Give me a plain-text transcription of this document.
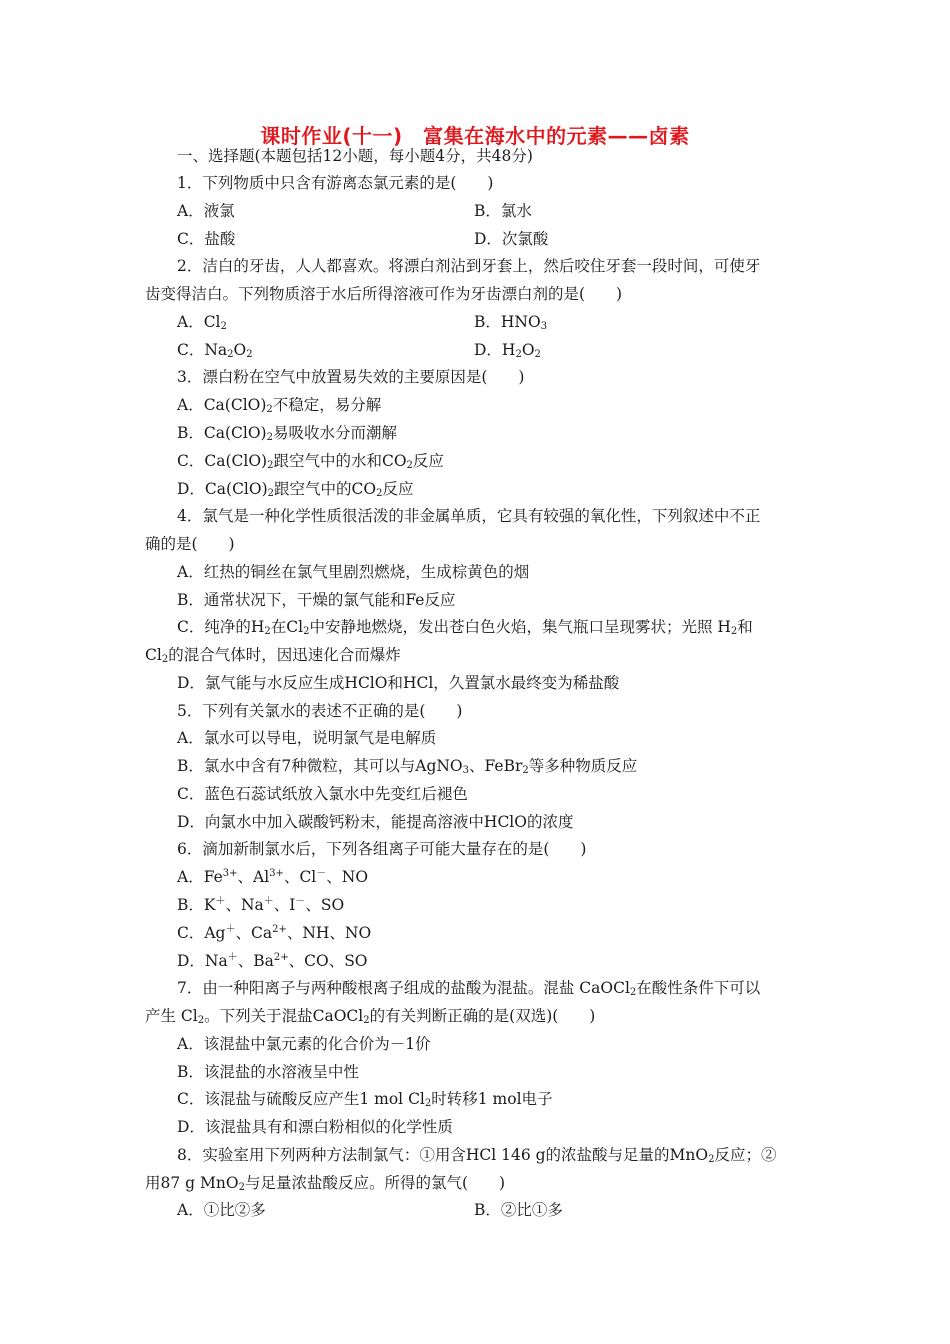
课时作业(十一)　富集在海水中的元素——卤素
一、选择题(本题包括12小题，每小题4分，共48分)
1．下列物质中只含有游离态氯元素的是(　　)
A．液氯	B．氯水
C．盐酸	D．次氯酸
2．洁白的牙齿，人人都喜欢。将漂白剂沾到牙套上，然后咬住牙套一段时间，可使牙
齿变得洁白。下列物质溶于水后所得溶液可作为牙齿漂白剂的是(　　)
A．$Cl_2$	B．$HNO_3$
C．$Na_2O_2$	D．$H_2O_2$
3．漂白粉在空气中放置易失效的主要原因是(　　)
A．$Ca(ClO)_2$不稳定，易分解
B．$Ca(ClO)_2$易吸收水分而潮解
C．$Ca(ClO)_2$跟空气中的水和$CO_2$反应
D．$Ca(ClO)_2$跟空气中的$CO_2$反应
4．氯气是一种化学性质很活泼的非金属单质，它具有较强的氧化性，下列叙述中不正
确的是(　　)
A．红热的铜丝在氯气里剧烈燃烧，生成棕黄色的烟
B．通常状况下，干燥的氯气能和Fe反应
C．纯净的$H_2$在$Cl_2$中安静地燃烧，发出苍白色火焰，集气瓶口呈现雾状；光照 $H_2$和
$Cl_2$的混合气体时，因迅速化合而爆炸
D．氯气能与水反应生成HClO和HCl，久置氯水最终变为稀盐酸
5．下列有关氯水的表述不正确的是(　　)
A．氯水可以导电，说明氯气是电解质
B．氯水中含有7种微粒，其可以与AgNO$_3$、FeBr$_2$等多种物质反应
C．蓝色石蕊试纸放入氯水中先变红后褪色
D．向氯水中加入碳酸钙粉末，能提高溶液中HClO的浓度
6．滴加新制氯水后，下列各组离子可能大量存在的是(　　)
A．$Fe^{3+}$、$Al^{3+}$、Cl－、NO
B．K＋、Na＋、I－、SO
C．Ag＋、$Ca^{2+}$、NH、NO
D．Na＋、$Ba^{2+}$、CO、SO
7．由一种阳离子与两种酸根离子组成的盐酸为混盐。混盐 CaOCl$_2$在酸性条件下可以
产生 $Cl_2$。下列关于混盐CaOCl$_2$的有关判断正确的是(双选)(　　)
A．该混盐中氯元素的化合价为－1价
B．该混盐的水溶液呈中性
C．该混盐与硫酸反应产生1 mol $Cl_2$时转移1 mol电子
D．该混盐具有和漂白粉相似的化学性质
8．实验室用下列两种方法制氯气：①用含HCl 146 g的浓盐酸与足量的MnO$_2$反应；②
用87 g MnO$_2$与足量浓盐酸反应。所得的氯气(　　)
A．①比②多	B．②比①多
